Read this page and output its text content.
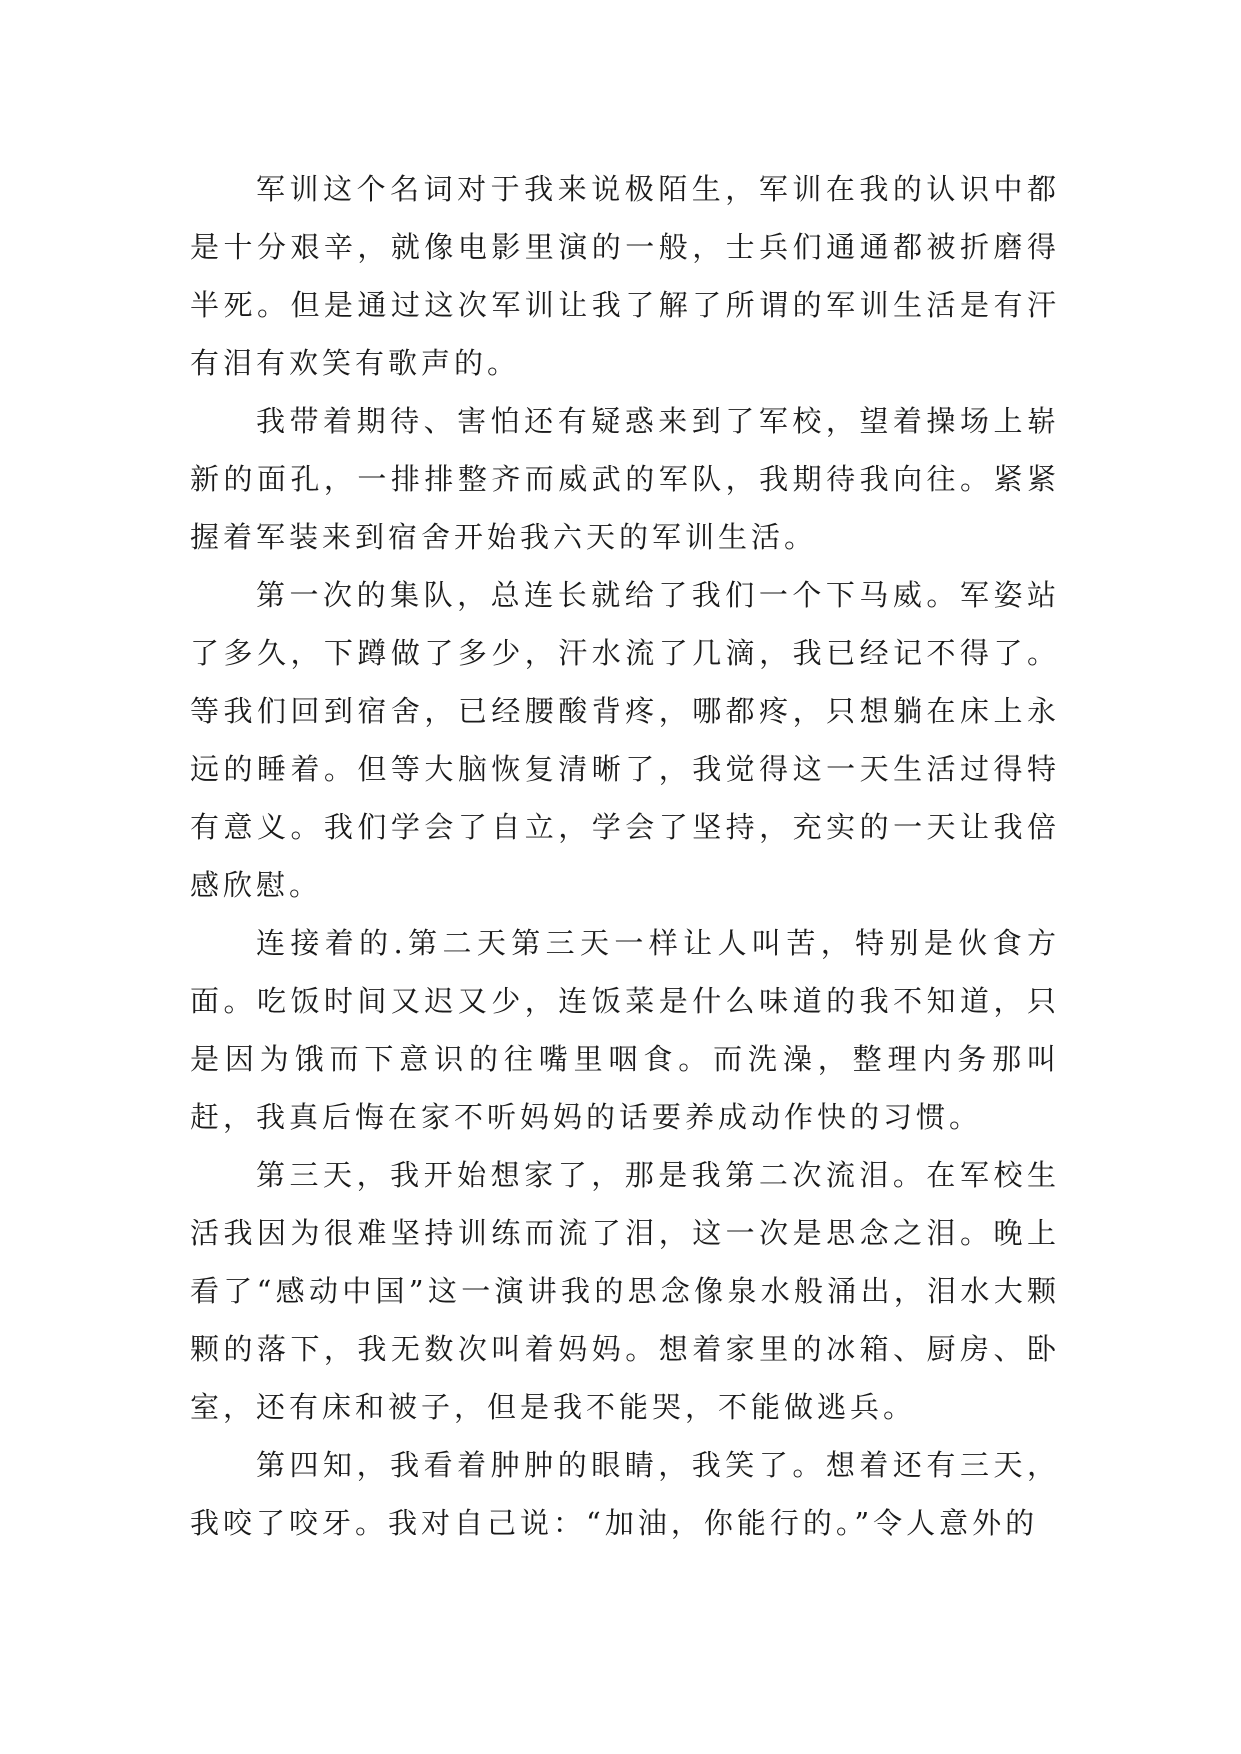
军训这个名词对于我来说极陌生，军训在我的认识中都是十分艰辛，就像电影里演的一般，士兵们通通都被折磨得半死。但是通过这次军训让我了解了所谓的军训生活是有汗有泪有欢笑有歌声的。

我带着期待、害怕还有疑惑来到了军校，望着操场上崭新的面孔，一排排整齐而威武的军队，我期待我向往。紧紧握着军装来到宿舍开始我六天的军训生活。

第一次的集队，总连长就给了我们一个下马威。军姿站了多久，下蹲做了多少，汗水流了几滴，我已经记不得了。等我们回到宿舍，已经腰酸背疼，哪都疼，只想躺在床上永远的睡着。但等大脑恢复清晰了，我觉得这一天生活过得特有意义。我们学会了自立，学会了坚持，充实的一天让我倍感欣慰。

连接着的.第二天第三天一样让人叫苦，特别是伙食方面。吃饭时间又迟又少，连饭菜是什么味道的我不知道，只是因为饿而下意识的往嘴里咽食。而洗澡，整理内务那叫赶，我真后悔在家不听妈妈的话要养成动作快的习惯。

第三天，我开始想家了，那是我第二次流泪。在军校生活我因为很难坚持训练而流了泪，这一次是思念之泪。晚上看了“感动中国”这一演讲我的思念像泉水般涌出，泪水大颗颗的落下，我无数次叫着妈妈。想着家里的冰箱、厨房、卧室，还有床和被子，但是我不能哭，不能做逃兵。

第四知，我看着肿肿的眼睛，我笑了。想着还有三天，我咬了咬牙。我对自己说：“加油，你能行的。”令人意外的
